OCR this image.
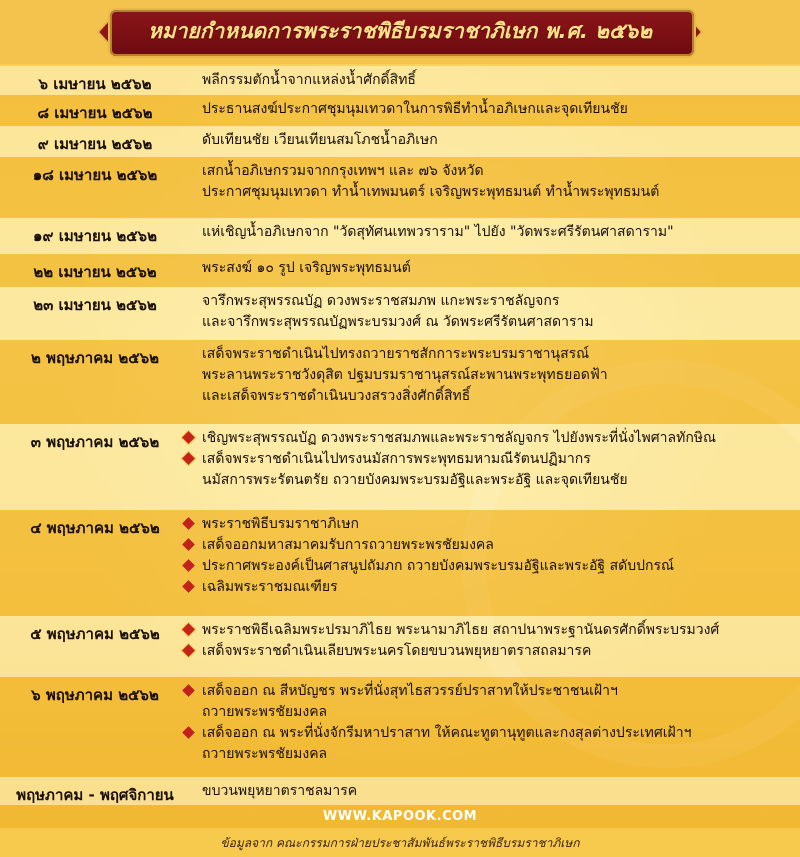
หมายกำหนดการพระราชพิธีบรมราชาภิเษก พ.ศ. ๒๕๖๒
๖ เมษายน ๒๕๖๒	พลีกรรมตักน้ำจากแหล่งน้ำศักดิ์สิทธิ์
๘ เมษายน ๒๕๖๒	ประธานสงฆ์ประกาศชุมนุมเทวดาในการพิธีทำน้ำอภิเษกและจุดเทียนชัย
๙ เมษายน ๒๕๖๒	ดับเทียนชัย เวียนเทียนสมโภชน้ำอภิเษก
๑๘ เมษายน ๒๕๖๒	เสกน้ำอภิเษกรวมจากกรุงเทพฯ และ ๗๖ จังหวัด
ประกาศชุมนุมเทวดา ทำน้ำเทพมนตร์ เจริญพระพุทธมนต์ ทำน้ำพระพุทธมนต์
๑๙ เมษายน ๒๕๖๒	แห่เชิญน้ำอภิเษกจาก "วัดสุทัศนเทพวราราม" ไปยัง "วัดพระศรีรัตนศาสดาราม"
๒๒ เมษายน ๒๕๖๒	พระสงฆ์ ๑๐ รูป เจริญพระพุทธมนต์
๒๓ เมษายน ๒๕๖๒	จารึกพระสุพรรณบัฏ ดวงพระราชสมภพ แกะพระราชลัญจกร
และจารึกพระสุพรรณบัฏพระบรมวงศ์ ณ วัดพระศรีรัตนศาสดาราม
๒ พฤษภาคม ๒๕๖๒	เสด็จพระราชดำเนินไปทรงถวายราชสักการะพระบรมราชานุสรณ์
พระลานพระราชวังดุสิต ปฐมบรมราชานุสรณ์สะพานพระพุทธยอดฟ้า
และเสด็จพระราชดำเนินบวงสรวงสิ่งศักดิ์สิทธิ์
๓ พฤษภาคม ๒๕๖๒	เชิญพระสุพรรณบัฏ ดวงพระราชสมภพและพระราชลัญจกร ไปยังพระที่นั่งไพศาลทักษิณ
เสด็จพระราชดำเนินไปทรงนมัสการพระพุทธมหามณีรัตนปฏิมากร
นมัสการพระรัตนตรัย ถวายบังคมพระบรมอัฐิและพระอัฐิ และจุดเทียนชัย
๔ พฤษภาคม ๒๕๖๒	พระราชพิธีบรมราชาภิเษก
เสด็จออกมหาสมาคมรับการถวายพระพรชัยมงคล
ประกาศพระองค์เป็นศาสนูปถัมภก ถวายบังคมพระบรมอัฐิและพระอัฐิ สดับปกรณ์
เฉลิมพระราชมณเฑียร
๕ พฤษภาคม ๒๕๖๒	พระราชพิธีเฉลิมพระปรมาภิไธย พระนามาภิไธย สถาปนาพระฐานันดรศักดิ์พระบรมวงศ์
เสด็จพระราชดำเนินเลียบพระนครโดยขบวนพยุหยาตราสถลมารค
๖ พฤษภาคม ๒๕๖๒	เสด็จออก ณ สีหบัญชร พระที่นั่งสุทไธสวรรย์ปราสาทให้ประชาชนเฝ้าฯ
ถวายพระพรชัยมงคล
เสด็จออก ณ พระที่นั่งจักรีมหาปราสาท ให้คณะทูตานุทูตและกงสุลต่างประเทศเฝ้าฯ
ถวายพระพรชัยมงคล
พฤษภาคม - พฤศจิกายน	ขบวนพยุหยาตราชลมารค
WWW.KAPOOK.COM
ข้อมูลจาก คณะกรรมการฝ่ายประชาสัมพันธ์พระราชพิธีบรมราชาภิเษก
